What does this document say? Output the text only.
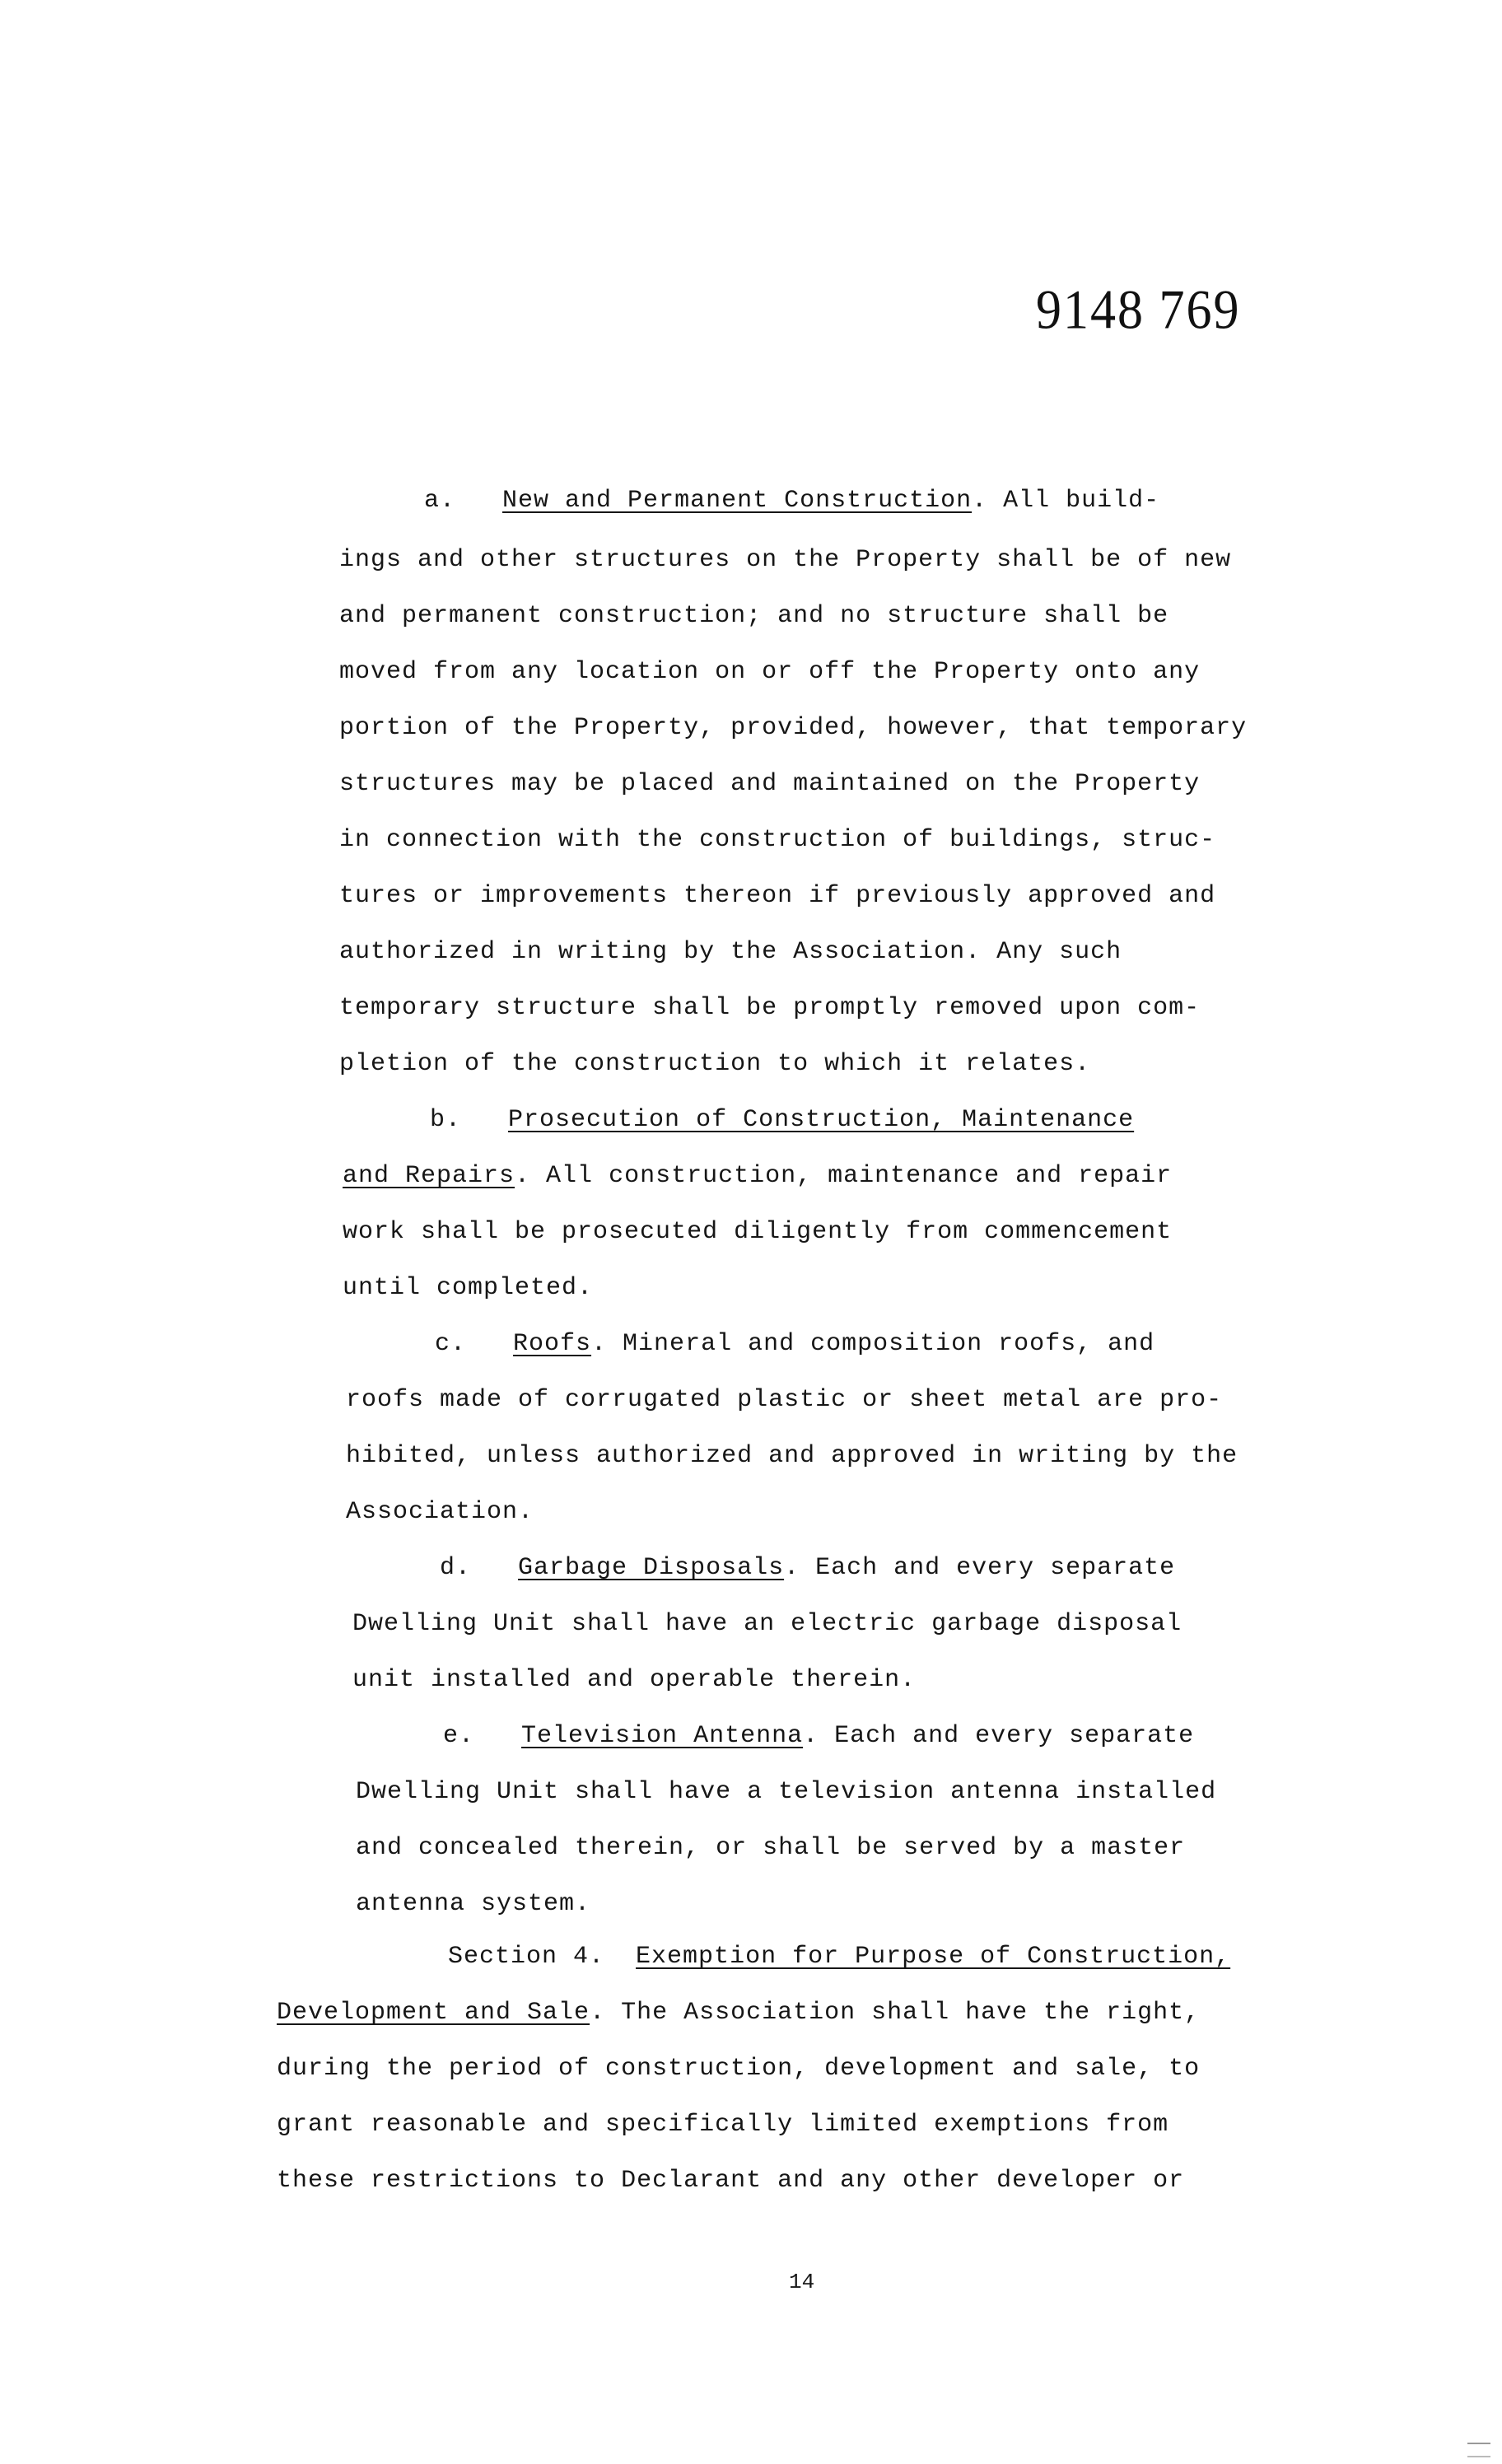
9148 769
a. New and Permanent Construction. All build-
ings and other structures on the Property shall be of new
and permanent construction; and no structure shall be
moved from any location on or off the Property onto any
portion of the Property, provided, however, that temporary
structures may be placed and maintained on the Property
in connection with the construction of buildings, struc-
tures or improvements thereon if previously approved and
authorized in writing by the Association. Any such
temporary structure shall be promptly removed upon com-
pletion of the construction to which it relates.
b. Prosecution of Construction, Maintenance
and Repairs. All construction, maintenance and repair
work shall be prosecuted diligently from commencement
until completed.
c. Roofs. Mineral and composition roofs, and
roofs made of corrugated plastic or sheet metal are pro-
hibited, unless authorized and approved in writing by the
Association.
d. Garbage Disposals. Each and every separate
Dwelling Unit shall have an electric garbage disposal
unit installed and operable therein.
e. Television Antenna. Each and every separate
Dwelling Unit shall have a television antenna installed
and concealed therein, or shall be served by a master
antenna system.
Section 4. Exemption for Purpose of Construction,
Development and Sale. The Association shall have the right,
during the period of construction, development and sale, to
grant reasonable and specifically limited exemptions from
these restrictions to Declarant and any other developer or
14
